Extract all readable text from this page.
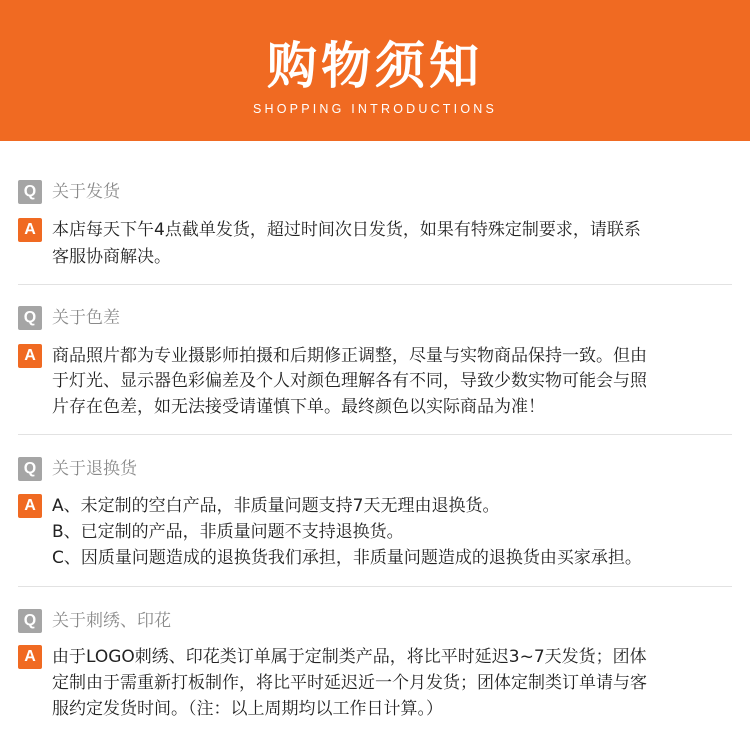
购物须知
SHOPPING INTRODUCTIONS
Q 关于发货
A 本店每天下午4点截单发货，超过时间次日发货，如果有特殊定制要求，请联系
客服协商解决。
Q 关于色差
A 商品照片都为专业摄影师拍摄和后期修正调整，尽量与实物商品保持一致。但由
于灯光、显示器色彩偏差及个人对颜色理解各有不同，导致少数实物可能会与照
片存在色差，如无法接受请谨慎下单。最终颜色以实际商品为准！
Q 关于退换货
A A、未定制的空白产品，非质量问题支持7天无理由退换货。
B、已定制的产品，非质量问题不支持退换货。
C、因质量问题造成的退换货我们承担，非质量问题造成的退换货由买家承担。
Q 关于刺绣、印花
A 由于LOGO刺绣、印花类订单属于定制类产品，将比平时延迟3~7天发货；团体
定制由于需重新打板制作，将比平时延迟近一个月发货；团体定制类订单请与客
服约定发货时间。（注：以上周期均以工作日计算。）
